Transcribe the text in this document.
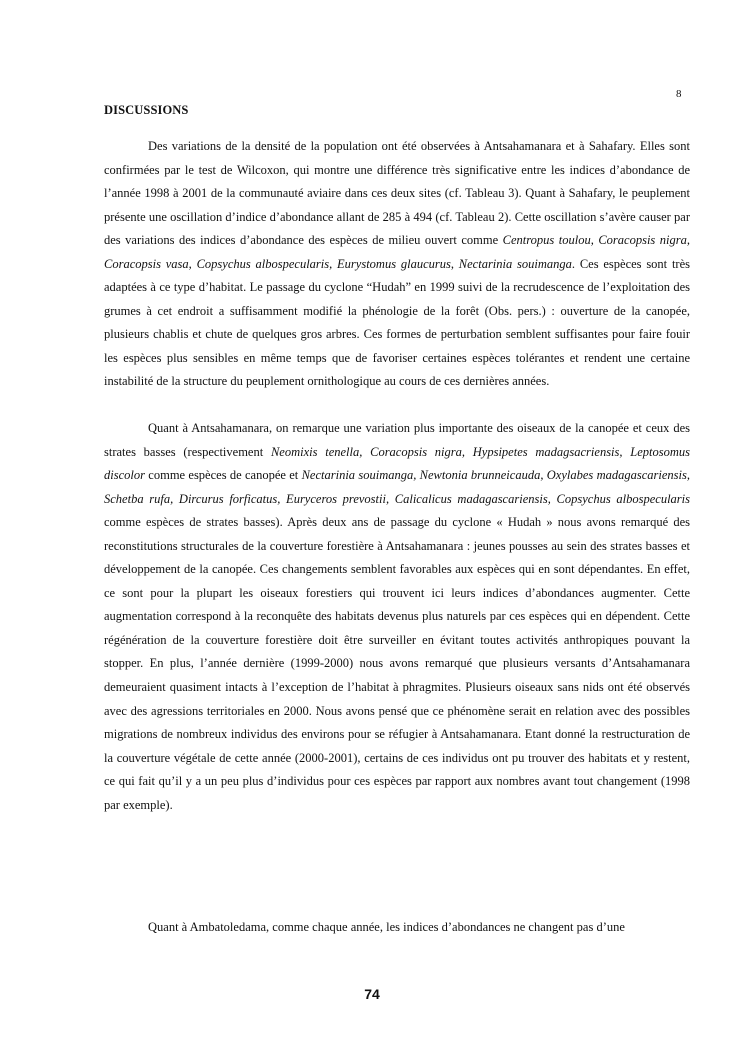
8
DISCUSSIONS

Des variations de la densité de la population ont été observées à Antsahamanara et à Sahafary. Elles sont confirmées par le test de Wilcoxon, qui montre une différence très significative entre les indices d’abondance de l’année 1998 à 2001 de la communauté aviaire dans ces deux sites (cf. Tableau 3). Quant à Sahafary, le peuplement présente une oscillation d’indice d’abondance allant de 285 à 494 (cf. Tableau 2). Cette oscillation s’avère causer par des variations des indices d’abondance des espèces de milieu ouvert comme Centropus toulou, Coracopsis nigra, Coracopsis vasa, Copsychus albospecularis, Eurystomus glaucurus, Nectarinia souimanga. Ces espèces sont très adaptées à ce type d’habitat. Le passage du cyclone “Hudah” en 1999 suivi de la recrudescence de l’exploitation des grumes à cet endroit a suffisamment modifié la phénologie de la forêt (Obs. pers.) : ouverture de la canopée, plusieurs chablis et chute de quelques gros arbres. Ces formes de perturbation semblent suffisantes pour faire fouir les espèces plus sensibles en même temps que de favoriser certaines espèces tolérantes et rendent une certaine instabilité de la structure du peuplement ornithologique au cours de ces dernières années.

Quant à Antsahamanara, on remarque une variation plus importante des oiseaux de la canopée et ceux des strates basses (respectivement Neomixis tenella, Coracopsis nigra, Hypsipetes madagsacriensis, Leptosomus discolor comme espèces de canopée et Nectarinia souimanga, Newtonia brunneicauda, Oxylabes madagascariensis, Schetba rufa, Dircurus forficatus, Euryceros prevostii, Calicalicus madagascariensis, Copsychus albospecularis comme espèces de strates basses). Après deux ans de passage du cyclone « Hudah » nous avons remarqué des reconstitutions structurales de la couverture forestière à Antsahamanara : jeunes pousses au sein des strates basses et développement de la canopée. Ces changements semblent favorables aux espèces qui en sont dépendantes. En effet, ce sont pour la plupart les oiseaux forestiers qui trouvent ici leurs indices d’abondances augmenter. Cette augmentation correspond à la reconquête des habitats devenus plus naturels par ces espèces qui en dépendent. Cette régénération de la couverture forestière doit être surveiller en évitant toutes activités anthropiques pouvant la stopper. En plus, l’année dernière (1999-2000) nous avons remarqué que plusieurs versants d’Antsahamanara demeuraient quasiment intacts à l’exception de l’habitat à phragmites. Plusieurs oiseaux sans nids ont été observés avec des agressions territoriales en 2000. Nous avons pensé que ce phénomène serait en relation avec des possibles migrations de nombreux individus des environs pour se réfugier à Antsahamanara. Etant donné la restructuration de la couverture végétale de cette année (2000-2001), certains de ces individus ont pu trouver des habitats et y restent, ce qui fait qu’il y a un peu plus d’individus pour ces espèces par rapport aux nombres avant tout changement (1998 par exemple).

Quant à Ambatoledama, comme chaque année, les indices d’abondances ne changent pas d’une

74
